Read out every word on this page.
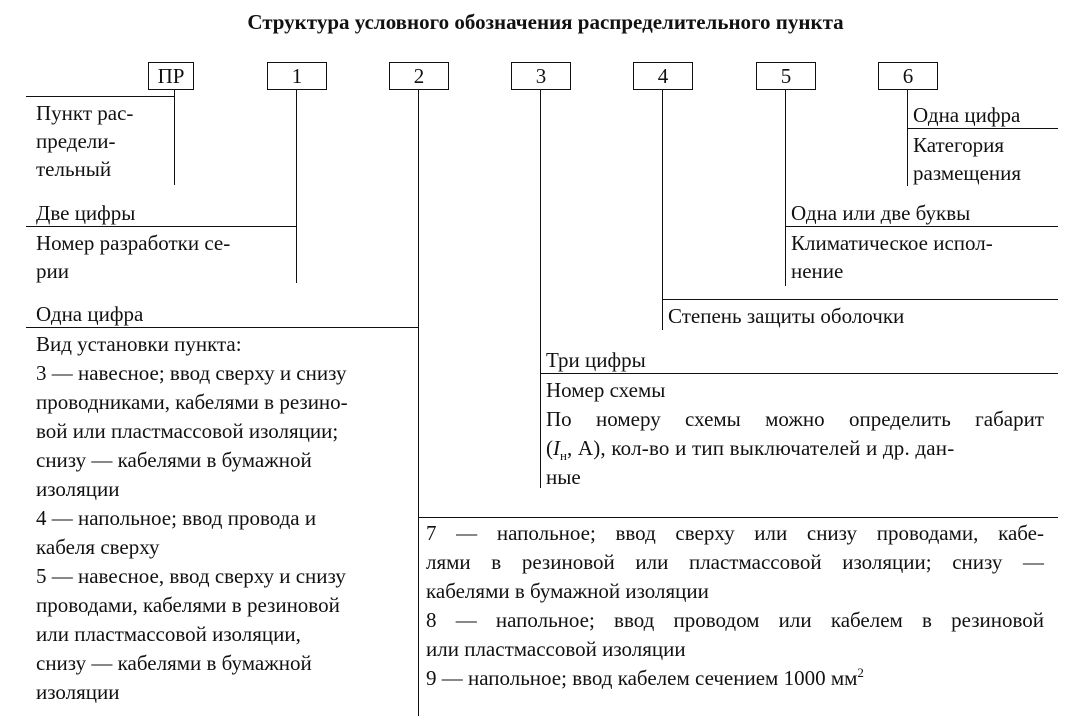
Структура условного обозначения распределительного пункта
ПР	1	2	3	4	5	6
Пункт рас-
предели-
тельный
Две цифры
Номер разработки се-
рии
Одна цифра
Вид установки пункта:
3 — навесное; ввод сверху и снизу
проводниками, кабелями в резино-
вой или пластмассовой изоляции;
снизу — кабелями в бумажной
изоляции
4 — напольное; ввод провода и
кабеля сверху
5 — навесное, ввод сверху и снизу
проводами, кабелями в резиновой
или пластмассовой изоляции,
снизу — кабелями в бумажной
изоляции
7 — напольное; ввод сверху или снизу проводами, кабе-
лями в резиновой или пластмассовой изоляции; снизу —
кабелями в бумажной изоляции
8 — напольное; ввод проводом или кабелем в резиновой
или пластмассовой изоляции
9 — напольное; ввод кабелем сечением 1000 $мм^2$
Три цифры
Номер схемы
По номеру схемы можно определить габарит
($I_н$, А), кол-во и тип выключателей и др. дан-
ные
Степень защиты оболочки
Одна или две буквы
Климатическое испол-
нение
Одна цифра
Категория
размещения
